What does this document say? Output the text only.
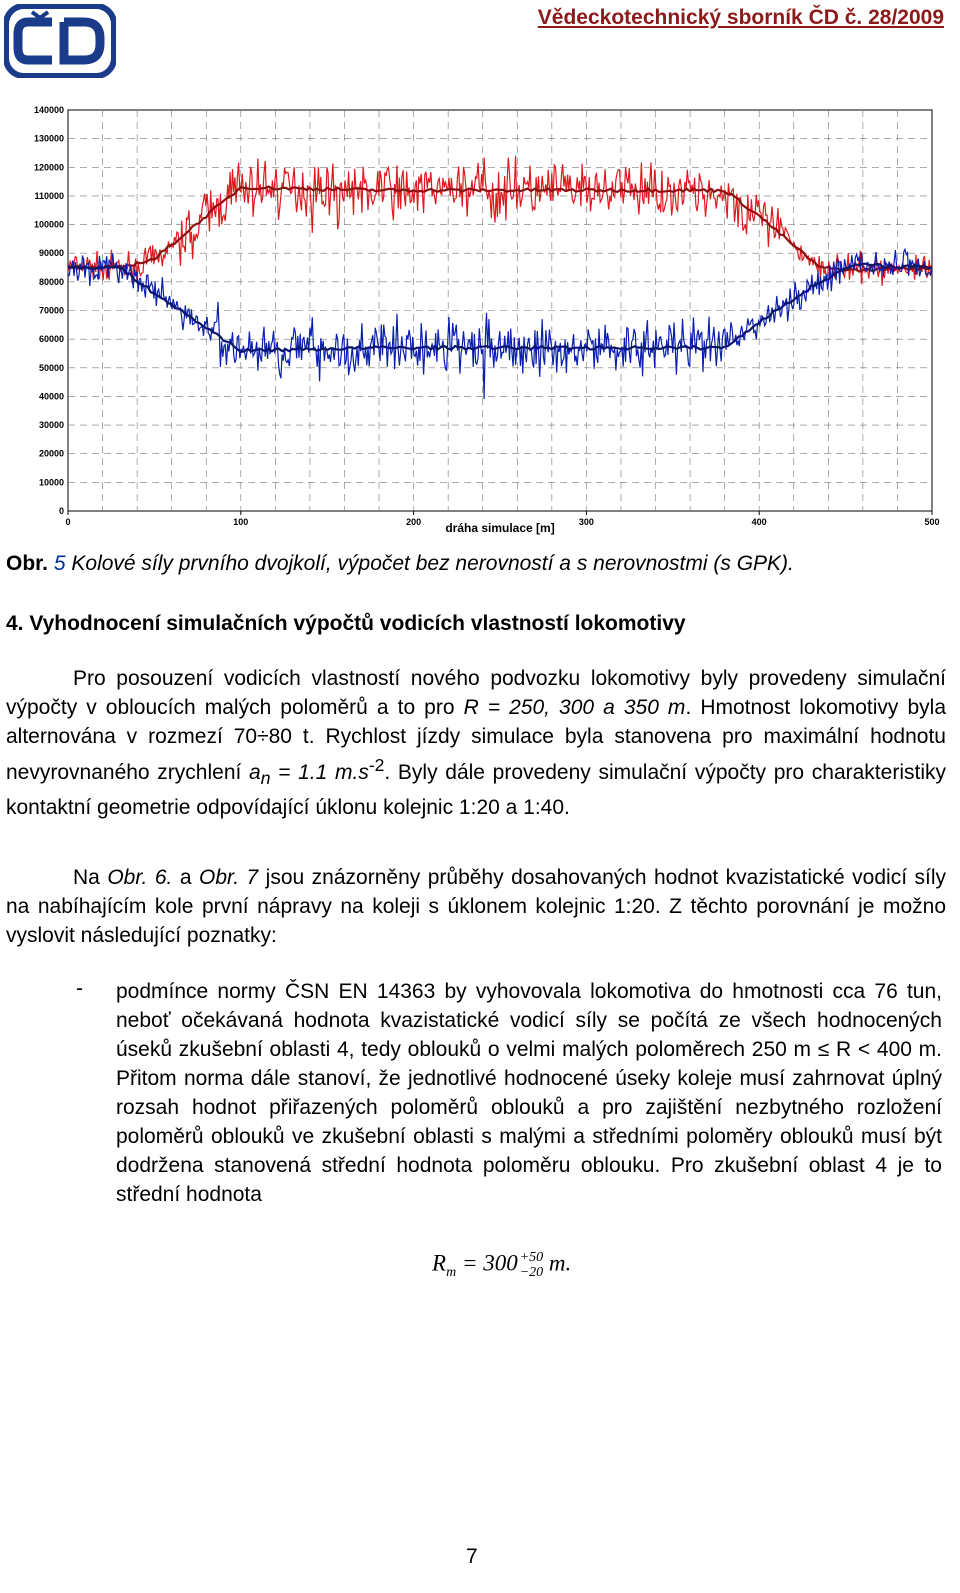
Vědeckotechnický sborník ČD č. 28/2009
0
10000
20000
30000
40000
50000
60000
70000
80000
90000
100000
110000
120000
130000
140000
0	100	200	300	400	500
dráha simulace [m]
Q11, Q12 [N]
Obr. 5 Kolové síly prvního dvojkolí, výpočet bez nerovností a s nerovnostmi (s GPK).
4. Vyhodnocení simulačních výpočtů vodicích vlastností lokomotivy

Pro posouzení vodicích vlastností nového podvozku lokomotivy byly provedeny simulační výpočty v obloucích malých poloměrů a to pro R = 250, 300 a 350 m. Hmotnost lokomotivy byla alternována v rozmezí 70÷80 t. Rychlost jízdy simulace byla stanovena pro maximální hodnotu nevyrovnaného zrychlení $a_n = 1.1$ $m.s^{-2}$. Byly dále provedeny simulační výpočty pro charakteristiky kontaktní geometrie odpovídající úklonu kolejnic 1:20 a 1:40.

Na Obr. 6. a Obr. 7 jsou znázorněny průběhy dosahovaných hodnot kvazistatické vodicí síly na nabíhajícím kole první nápravy na koleji s úklonem kolejnic 1:20. Z těchto porovnání je možno vyslovit následující poznatky:

- podmínce normy ČSN EN 14363 by vyhovovala lokomotiva do hmotnosti cca 76 tun, neboť očekávaná hodnota kvazistatické vodicí síly se počítá ze všech hodnocených úseků zkušební oblasti 4, tedy oblouků o velmi malých poloměrech 250 m ≤ R < 400 m. Přitom norma dále stanoví, že jednotlivé hodnocené úseky koleje musí zahrnovat úplný rozsah hodnot přiřazených poloměrů oblouků a pro zajištění nezbytného rozložení poloměrů oblouků ve zkušební oblasti s malými a středními poloměry oblouků musí být dodržena stanovená střední hodnota poloměru oblouku. Pro zkušební oblast 4 je to střední hodnota

$R_m = 300 +50$
−20 m.
7
